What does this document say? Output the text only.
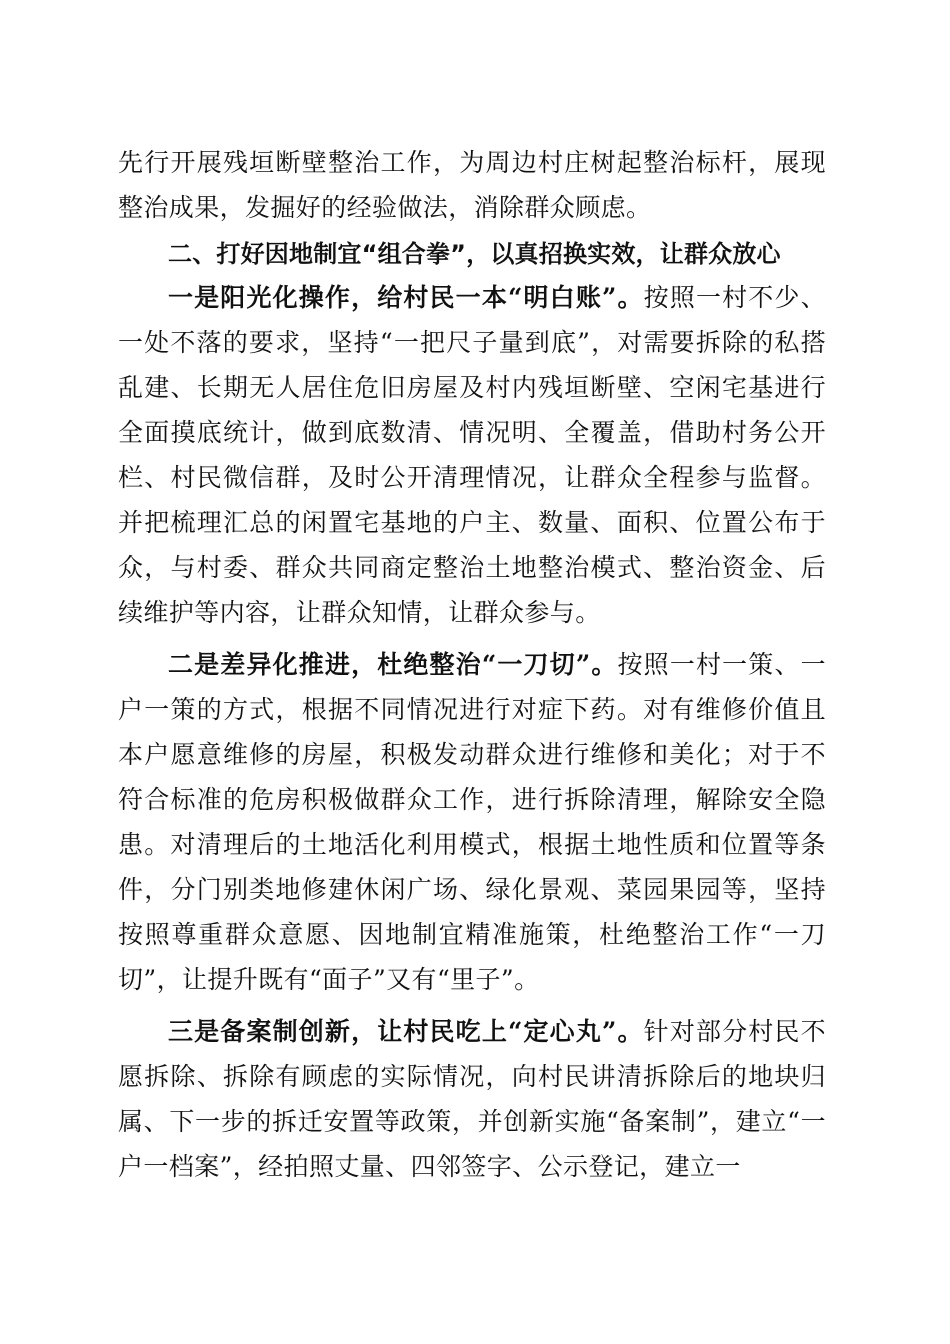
先行开展残垣断壁整治工作，为周边村庄树起整治标杆，展现整治成果，发掘好的经验做法，消除群众顾虑。

二、打好因地制宜“组合拳”，以真招换实效，让群众放心

一是阳光化操作，给村民一本“明白账”。按照一村不少、一处不落的要求，坚持“一把尺子量到底”，对需要拆除的私搭乱建、长期无人居住危旧房屋及村内残垣断壁、空闲宅基进行全面摸底统计，做到底数清、情况明、全覆盖，借助村务公开栏、村民微信群，及时公开清理情况，让群众全程参与监督。并把梳理汇总的闲置宅基地的户主、数量、面积、位置公布于众，与村委、群众共同商定整治土地整治模式、整治资金、后续维护等内容，让群众知情，让群众参与。

二是差异化推进，杜绝整治“一刀切”。按照一村一策、一户一策的方式，根据不同情况进行对症下药。对有维修价值且本户愿意维修的房屋，积极发动群众进行维修和美化；对于不符合标准的危房积极做群众工作，进行拆除清理，解除安全隐患。对清理后的土地活化利用模式，根据土地性质和位置等条件，分门别类地修建休闲广场、绿化景观、菜园果园等，坚持按照尊重群众意愿、因地制宜精准施策，杜绝整治工作“一刀切”，让提升既有“面子”又有“里子”。

三是备案制创新，让村民吃上“定心丸”。针对部分村民不愿拆除、拆除有顾虑的实际情况，向村民讲清拆除后的地块归属、下一步的拆迁安置等政策，并创新实施“备案制”，建立“一户一档案”，经拍照丈量、四邻签字、公示登记，建立一
